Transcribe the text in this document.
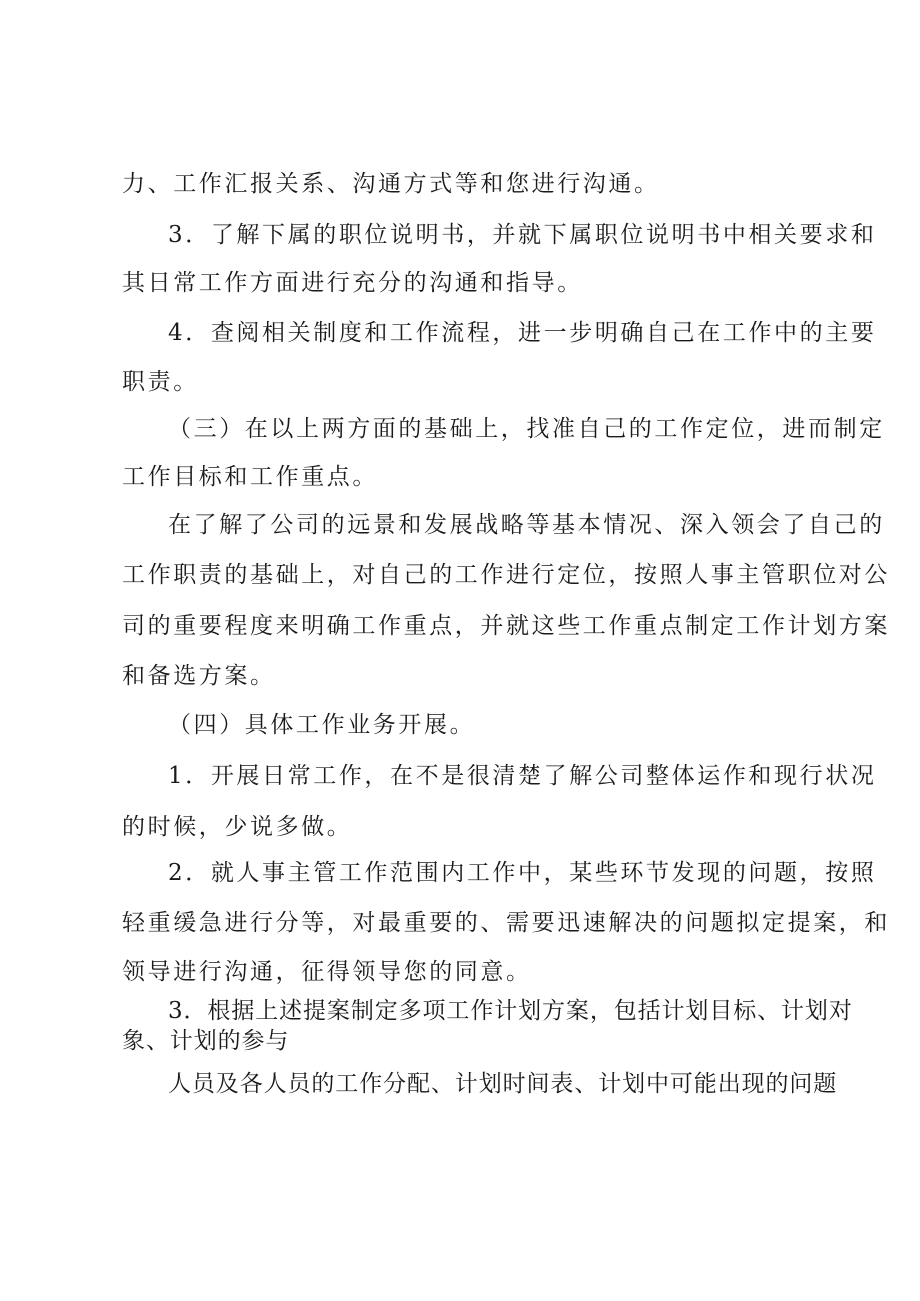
力、工作汇报关系、沟通方式等和您进行沟通。
3．了解下属的职位说明书，并就下属职位说明书中相关要求和
其日常工作方面进行充分的沟通和指导。
4．查阅相关制度和工作流程，进一步明确自己在工作中的主要
职责。
（三）在以上两方面的基础上，找准自己的工作定位，进而制定
工作目标和工作重点。
在了解了公司的远景和发展战略等基本情况、深入领会了自己的
工作职责的基础上，对自己的工作进行定位，按照人事主管职位对公
司的重要程度来明确工作重点，并就这些工作重点制定工作计划方案
和备选方案。
（四）具体工作业务开展。
1．开展日常工作，在不是很清楚了解公司整体运作和现行状况
的时候，少说多做。
2．就人事主管工作范围内工作中，某些环节发现的问题，按照
轻重缓急进行分等，对最重要的、需要迅速解决的问题拟定提案，和
领导进行沟通，征得领导您的同意。
3．根据上述提案制定多项工作计划方案，包括计划目标、计划对
象、计划的参与
人员及各人员的工作分配、计划时间表、计划中可能出现的问题
